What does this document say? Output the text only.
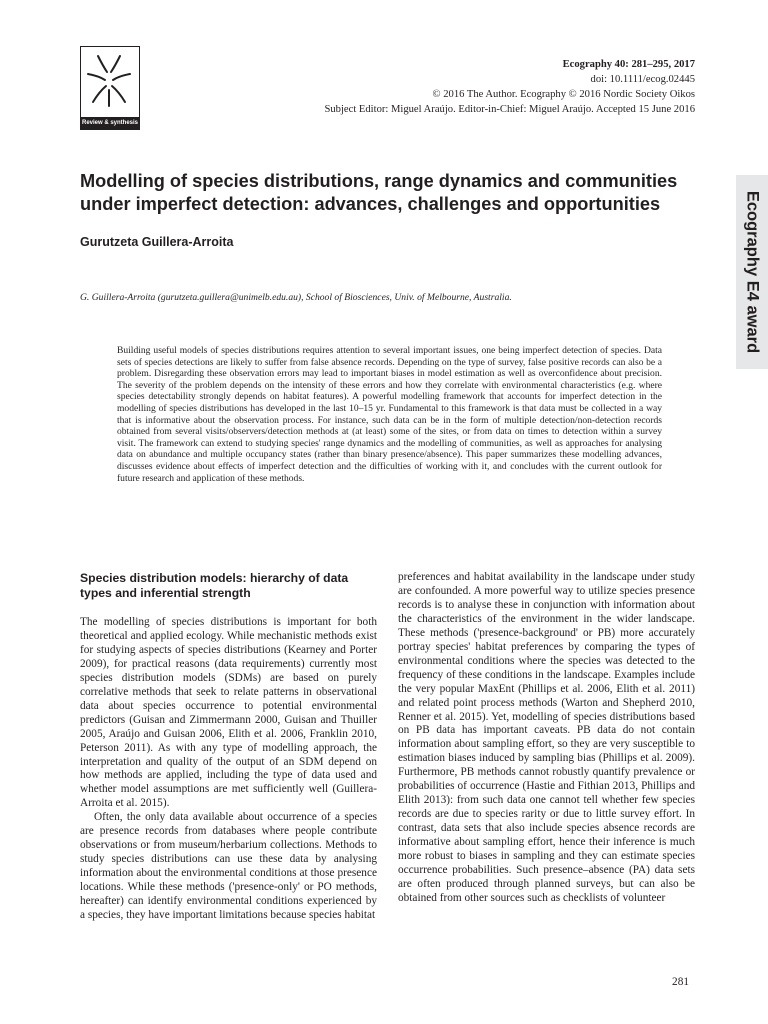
Review & synthesis
Ecography 40: 281–295, 2017
doi: 10.1111/ecog.02445
© 2016 The Author. Ecography © 2016 Nordic Society Oikos
Subject Editor: Miguel Araújo. Editor-in-Chief: Miguel Araújo. Accepted 15 June 2016
Ecography E4 award
Modelling of species distributions, range dynamics and communities under imperfect detection: advances, challenges and opportunities
Gurutzeta Guillera-Arroita
G. Guillera-Arroita (gurutzeta.guillera@unimelb.edu.au), School of Biosciences, Univ. of Melbourne, Australia.

Building useful models of species distributions requires attention to several important issues, one being imperfect detection of species. Data sets of species detections are likely to suffer from false absence records. Depending on the type of survey, false positive records can also be a problem. Disregarding these observation errors may lead to important biases in model estimation as well as overconfidence about precision. The severity of the problem depends on the intensity of these errors and how they correlate with environmental characteristics (e.g. where species detectability strongly depends on habitat features). A powerful modelling framework that accounts for imperfect detection in the modelling of species distributions has developed in the last 10–15 yr. Fundamental to this framework is that data must be collected in a way that is informative about the observation process. For instance, such data can be in the form of multiple detection/non-detection records obtained from several visits/observers/detection methods at (at least) some of the sites, or from data on times to detection within a survey visit. The framework can extend to studying species' range dynamics and the modelling of communities, as well as approaches for analysing data on abundance and multiple occupancy states (rather than binary presence/absence). This paper summarizes these modelling advances, discusses evidence about effects of imperfect detection and the difficulties of working with it, and concludes with the current outlook for future research and application of these methods.

Species distribution models: hierarchy of data types and inferential strength

The modelling of species distributions is important for both theoretical and applied ecology. While mechanistic methods exist for studying aspects of species distributions (Kearney and Porter 2009), for practical reasons (data requirements) currently most species distribution models (SDMs) are based on purely correlative methods that seek to relate patterns in observational data about species occurrence to potential environmental predictors (Guisan and Zimmermann 2000, Guisan and Thuiller 2005, Araújo and Guisan 2006, Elith et al. 2006, Franklin 2010, Peterson 2011). As with any type of modelling approach, the interpretation and quality of the output of an SDM depend on how methods are applied, including the type of data used and whether model assumptions are met sufficiently well (Guillera-Arroita et al. 2015).

Often, the only data available about occurrence of a species are presence records from databases where people contribute observations or from museum/herbarium collections. Methods to study species distributions can use these data by analysing information about the environmental conditions at those presence locations. While these methods ('presence-only' or PO methods, hereafter) can identify environmental conditions experienced by a species, they have important limitations because species habitat

preferences and habitat availability in the landscape under study are confounded. A more powerful way to utilize species presence records is to analyse these in conjunction with information about the characteristics of the environment in the wider landscape. These methods ('presence-background' or PB) more accurately portray species' habitat preferences by comparing the types of environmental conditions where the species was detected to the frequency of these conditions in the landscape. Examples include the very popular MaxEnt (Phillips et al. 2006, Elith et al. 2011) and related point process methods (Warton and Shepherd 2010, Renner et al. 2015). Yet, modelling of species distributions based on PB data has important caveats. PB data do not contain information about sampling effort, so they are very susceptible to estimation biases induced by sampling bias (Phillips et al. 2009). Furthermore, PB methods cannot robustly quantify prevalence or probabilities of occurrence (Hastie and Fithian 2013, Phillips and Elith 2013): from such data one cannot tell whether few species records are due to species rarity or due to little survey effort. In contrast, data sets that also include species absence records are informative about sampling effort, hence their inference is much more robust to biases in sampling and they can estimate species occurrence probabilities. Such presence–absence (PA) data sets are often produced through planned surveys, but can also be obtained from other sources such as checklists of volunteer

281
